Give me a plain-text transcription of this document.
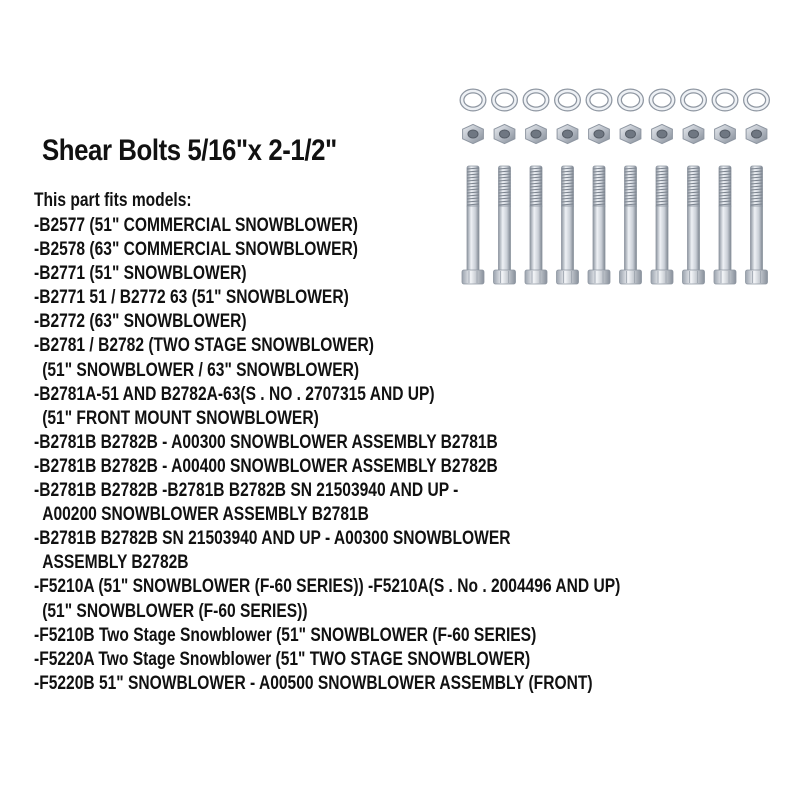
Shear Bolts 5/16"x 2-1/2"
This part fits models:
-B2577 (51" COMMERCIAL SNOWBLOWER)
-B2578 (63" COMMERCIAL SNOWBLOWER)
-B2771 (51" SNOWBLOWER)
-B2771 51 / B2772 63 (51" SNOWBLOWER)
-B2772 (63" SNOWBLOWER)
-B2781 / B2782 (TWO STAGE SNOWBLOWER)
(51" SNOWBLOWER / 63" SNOWBLOWER)
-B2781A-51 AND B2782A-63(S . NO . 2707315 AND UP)
(51" FRONT MOUNT SNOWBLOWER)
-B2781B B2782B - A00300 SNOWBLOWER ASSEMBLY B2781B
-B2781B B2782B - A00400 SNOWBLOWER ASSEMBLY B2782B
-B2781B B2782B -B2781B B2782B SN 21503940 AND UP -
A00200 SNOWBLOWER ASSEMBLY B2781B
-B2781B B2782B SN 21503940 AND UP - A00300 SNOWBLOWER
ASSEMBLY B2782B
-F5210A (51" SNOWBLOWER (F-60 SERIES)) -F5210A(S . No . 2004496 AND UP)
(51" SNOWBLOWER (F-60 SERIES))
-F5210B Two Stage Snowblower (51" SNOWBLOWER (F-60 SERIES)
-F5220A Two Stage Snowblower (51" TWO STAGE SNOWBLOWER)
-F5220B 51" SNOWBLOWER - A00500 SNOWBLOWER ASSEMBLY (FRONT)
